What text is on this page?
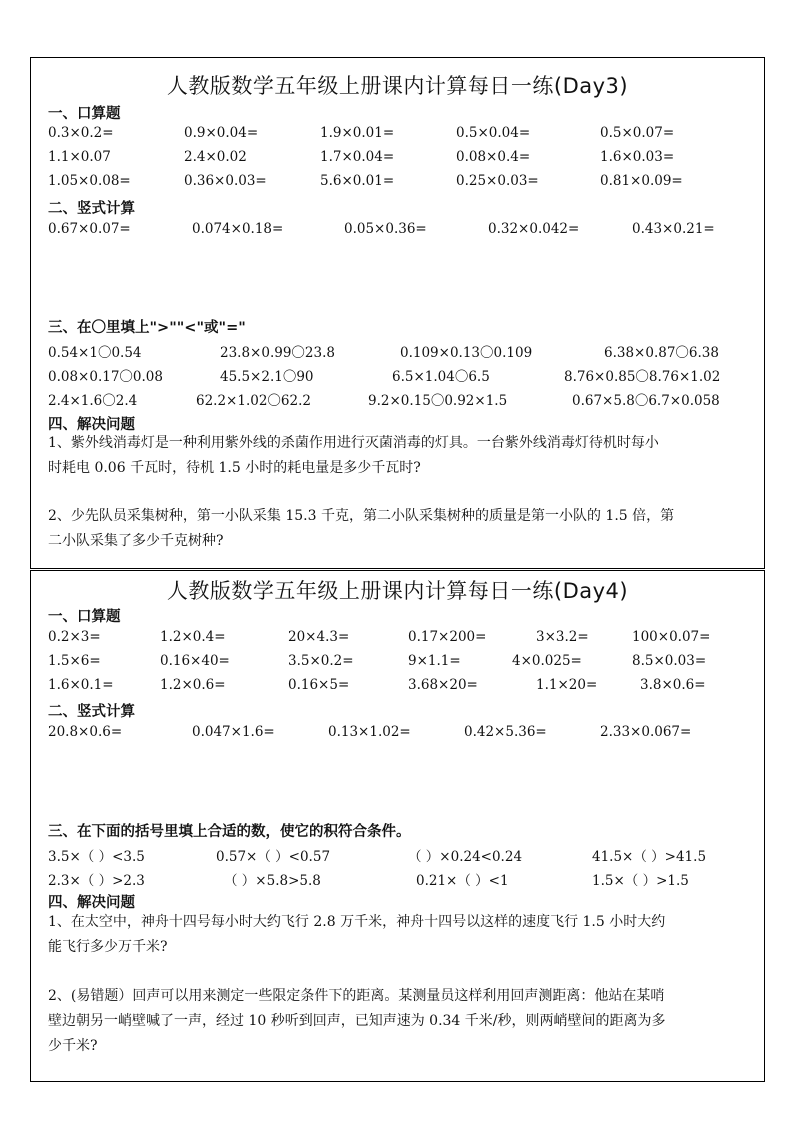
人教版数学五年级上册课内计算每日一练(Day3)
一、口算题
0.3×0.2=	0.9×0.04=	1.9×0.01=	0.5×0.04=	0.5×0.07=
1.1×0.07	2.4×0.02	1.7×0.04=	0.08×0.4=	1.6×0.03=
1.05×0.08=	0.36×0.03=	5.6×0.01=	0.25×0.03=	0.81×0.09=
二、竖式计算
0.67×0.07=	0.074×0.18=	0.05×0.36=	0.32×0.042=	0.43×0.21=
三、在〇里填上">""<"或"="
0.54×1〇0.54	23.8×0.99〇23.8	0.109×0.13〇0.109	6.38×0.87〇6.38
0.08×0.17〇0.08	45.5×2.1〇90	6.5×1.04〇6.5	8.76×0.85〇8.76×1.02
2.4×1.6〇2.4	62.2×1.02〇62.2	9.2×0.15〇0.92×1.5	0.67×5.8〇6.7×0.058
四、解决问题
1、紫外线消毒灯是一种利用紫外线的杀菌作用进行灭菌消毒的灯具。一台紫外线消毒灯待机时每小
时耗电 0.06 千瓦时，待机 1.5 小时的耗电量是多少千瓦时?
2、少先队员采集树种，第一小队采集 15.3 千克，第二小队采集树种的质量是第一小队的 1.5 倍，第
二小队采集了多少千克树种?
人教版数学五年级上册课内计算每日一练(Day4)
一、口算题
0.2×3=	1.2×0.4=	20×4.3=	0.17×200=	3×3.2=	100×0.07=
1.5×6=	0.16×40=	3.5×0.2=	9×1.1=	4×0.025=	8.5×0.03=
1.6×0.1=	1.2×0.6=	0.16×5=	3.68×20=	1.1×20=	3.8×0.6=
二、竖式计算
20.8×0.6=	0.047×1.6=	0.13×1.02=	0.42×5.36=	2.33×0.067=
三、在下面的括号里填上合适的数，使它的积符合条件。
3.5×（ ）<3.5	0.57×（ ）<0.57	（ ）×0.24<0.24	41.5×（ ）>41.5
2.3×（ ）>2.3	（ ）×5.8>5.8	0.21×（ ）<1	1.5×（ ）>1.5
四、解决问题
1、在太空中，神舟十四号每小时大约飞行 2.8 万千米，神舟十四号以这样的速度飞行 1.5 小时大约
能飞行多少万千米?
2、(易错题）回声可以用来测定一些限定条件下的距离。某测量员这样利用回声测距离：他站在某哨
壁边朝另一峭壁喊了一声，经过 10 秒听到回声，已知声速为 0.34 千米/秒，则两峭壁间的距离为多
少千米?
